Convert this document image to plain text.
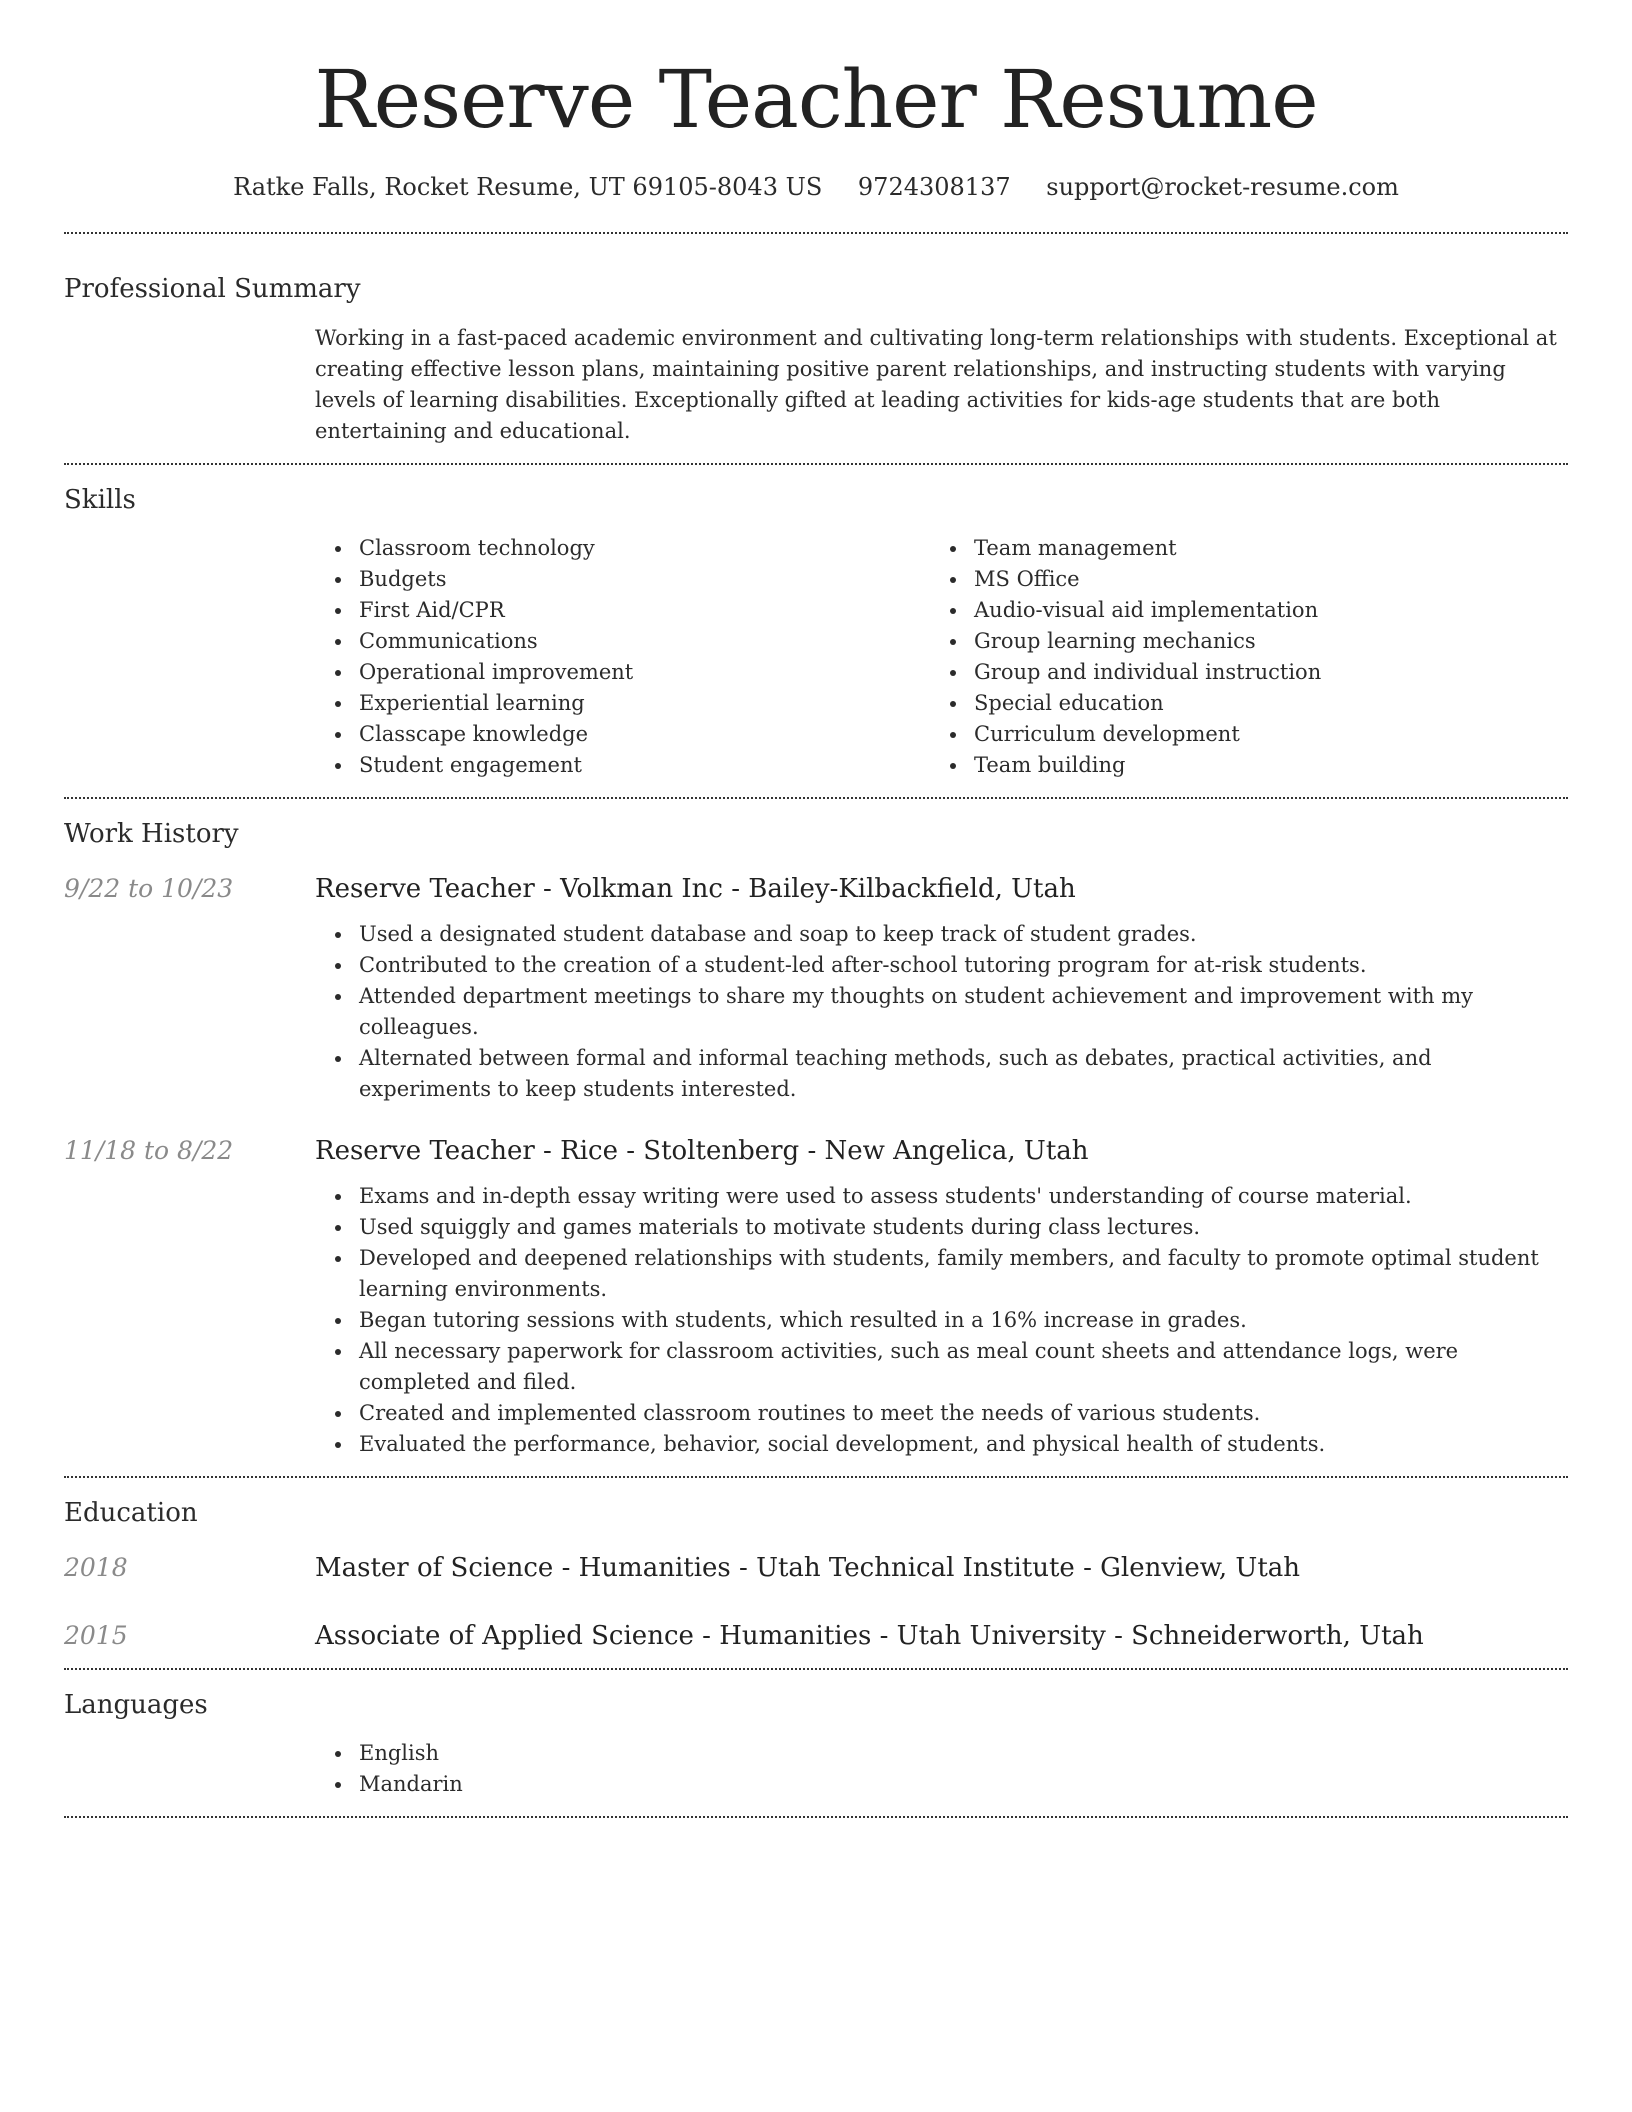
Reserve Teacher Resume
Ratke Falls, Rocket Resume, UT 69105-8043 US 9724308137 support@rocket-resume.com
Professional Summary
Working in a fast-paced academic environment and cultivating long-term relationships with students. Exceptional at creating effective lesson plans, maintaining positive parent relationships, and instructing students with varying levels of learning disabilities. Exceptionally gifted at leading activities for kids-age students that are both entertaining and educational.
Skills
Classroom technology
Budgets
First Aid/CPR
Communications
Operational improvement
Experiential learning
Classcape knowledge
Student engagement
Team management
MS Office
Audio-visual aid implementation
Group learning mechanics
Group and individual instruction
Special education
Curriculum development
Team building
Work History
9/22 to 10/23	Reserve Teacher - Volkman Inc - Bailey-Kilbackfield, Utah
Used a designated student database and soap to keep track of student grades.
Contributed to the creation of a student-led after-school tutoring program for at-risk students.
Attended department meetings to share my thoughts on student achievement and improvement with my colleagues.
Alternated between formal and informal teaching methods, such as debates, practical activities, and experiments to keep students interested.
11/18 to 8/22	Reserve Teacher - Rice - Stoltenberg - New Angelica, Utah
Exams and in-depth essay writing were used to assess students' understanding of course material.
Used squiggly and games materials to motivate students during class lectures.
Developed and deepened relationships with students, family members, and faculty to promote optimal student learning environments.
Began tutoring sessions with students, which resulted in a 16% increase in grades.
All necessary paperwork for classroom activities, such as meal count sheets and attendance logs, were completed and filed.
Created and implemented classroom routines to meet the needs of various students.
Evaluated the performance, behavior, social development, and physical health of students.
Education
2018	Master of Science - Humanities - Utah Technical Institute - Glenview, Utah
2015	Associate of Applied Science - Humanities - Utah University - Schneiderworth, Utah
Languages
English
Mandarin
